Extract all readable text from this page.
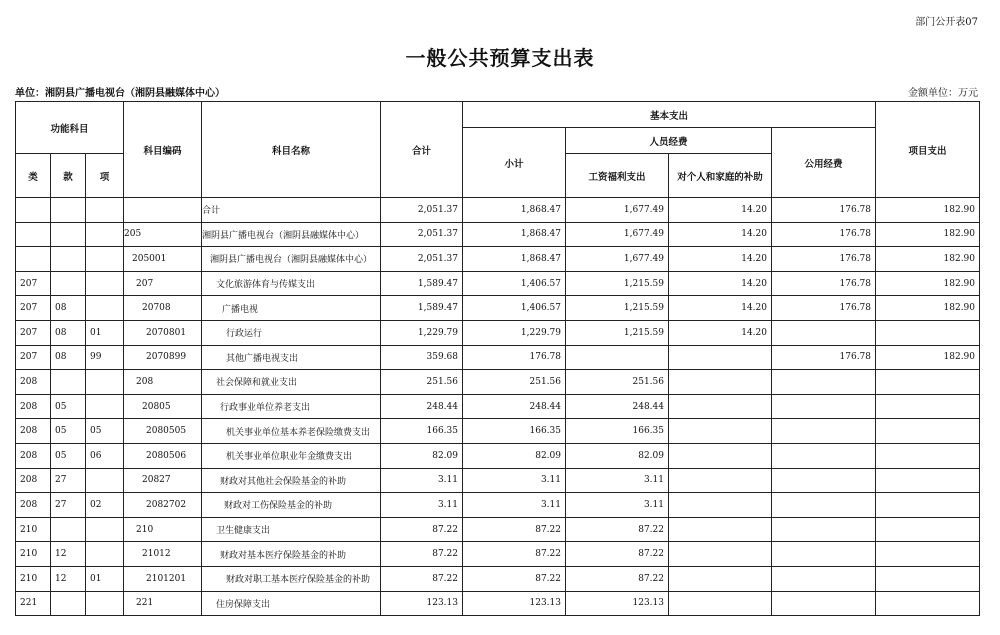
部门公开表07
一般公共预算支出表
单位：湘阴县广播电视台（湘阴县融媒体中心）	金额单位：万元
功能科目			科目编码	科目名称	合计	基本支出				项目支出
						小计	人员经费		公用经费	
类	款	项					工资福利支出	对个人和家庭的补助		
				合计	2,051.37	1,868.47	1,677.49	14.20	176.78	182.90
			205	湘阴县广播电视台（湘阴县融媒体中心）	2,051.37	1,868.47	1,677.49	14.20	176.78	182.90
			205001	湘阴县广播电视台（湘阴县融媒体中心）	2,051.37	1,868.47	1,677.49	14.20	176.78	182.90
207			207	文化旅游体育与传媒支出	1,589.47	1,406.57	1,215.59	14.20	176.78	182.90
207	08		20708	广播电视	1,589.47	1,406.57	1,215.59	14.20	176.78	182.90
207	08	01	2070801	行政运行	1,229.79	1,229.79	1,215.59	14.20		
207	08	99	2070899	其他广播电视支出	359.68	176.78			176.78	182.90
208			208	社会保障和就业支出	251.56	251.56	251.56			
208	05		20805	行政事业单位养老支出	248.44	248.44	248.44			
208	05	05	2080505	机关事业单位基本养老保险缴费支出	166.35	166.35	166.35			
208	05	06	2080506	机关事业单位职业年金缴费支出	82.09	82.09	82.09			
208	27		20827	财政对其他社会保险基金的补助	3.11	3.11	3.11			
208	27	02	2082702	财政对工伤保险基金的补助	3.11	3.11	3.11			
210			210	卫生健康支出	87.22	87.22	87.22			
210	12		21012	财政对基本医疗保险基金的补助	87.22	87.22	87.22			
210	12	01	2101201	财政对职工基本医疗保险基金的补助	87.22	87.22	87.22			
221			221	住房保障支出	123.13	123.13	123.13			
